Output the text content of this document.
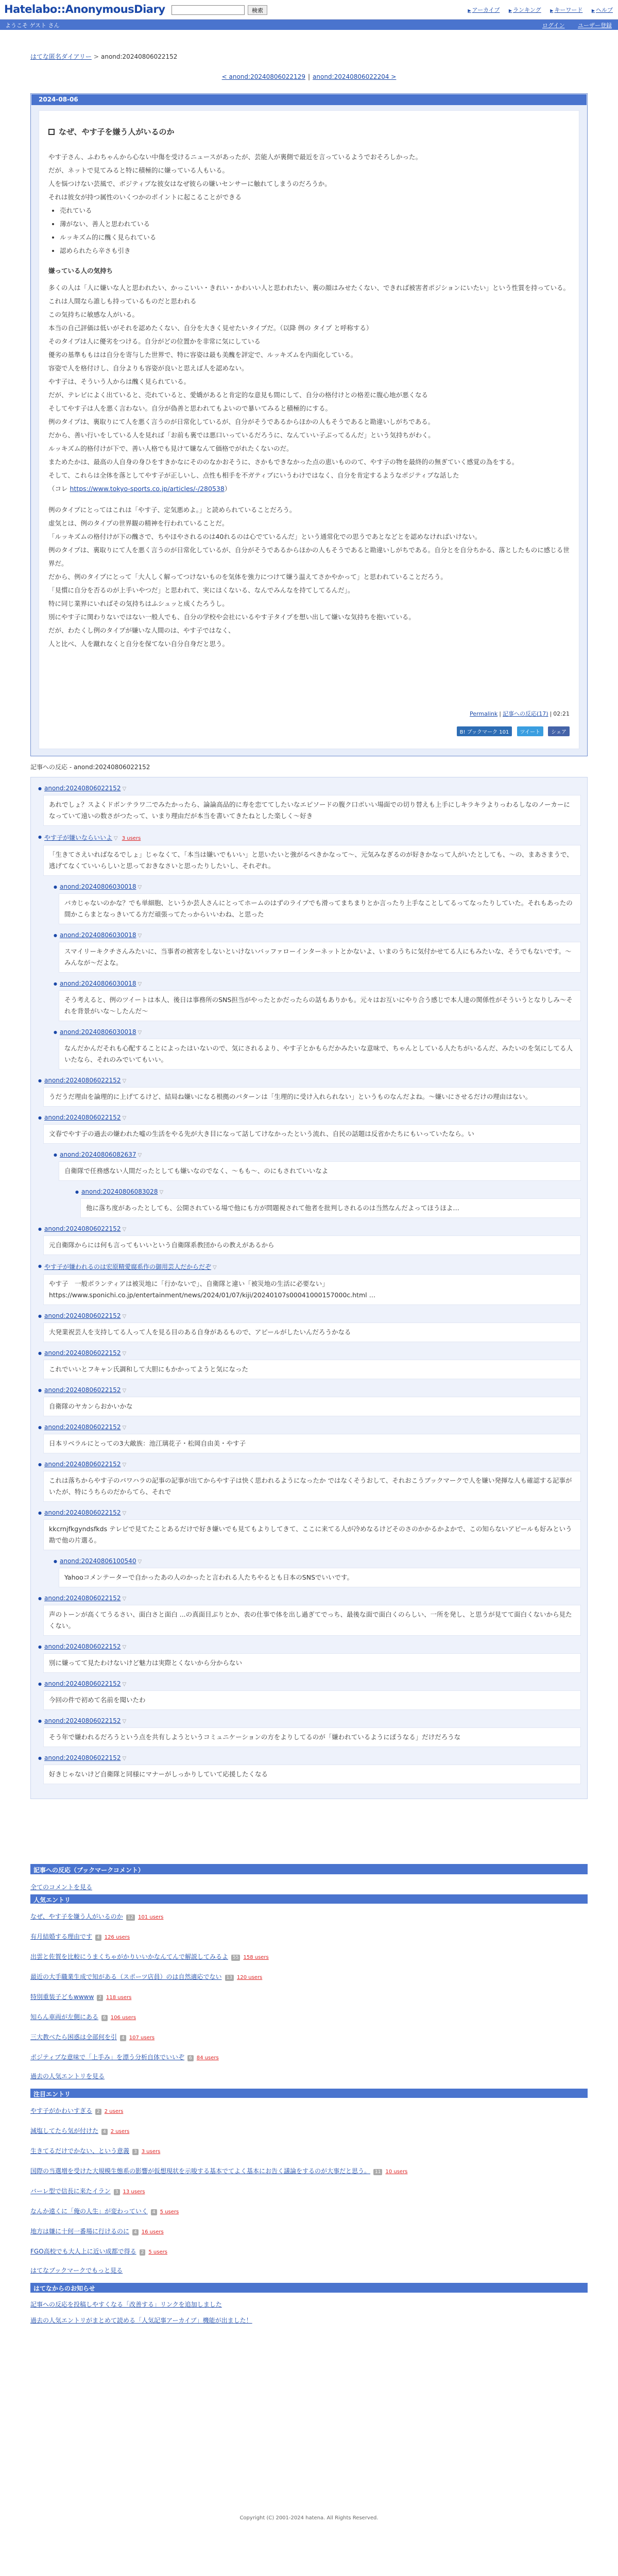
Hatelabo::AnonymousDiary	検索	▶ アーカイブ ▶ ランキング ▶ キーワード ▶ ヘルプ
ようこそ ゲスト さん	ログイン ユーザー登録
はてな匿名ダイアリー > anond:20240806022152
< anond:20240806022129 | anond:20240806022204 >
2024-08-06
なぜ、やす子を嫌う人がいるのか

やす子さん、ふわちゃんから心ない中傷を受けるニュースがあったが、芸能人が裏側で最近を言っているようでおそろしかった。

だが、ネットで見てみると特に積極的に嫌っている人もいる。

人を悩つけない芸風で、ポジティブな彼女はなぜ彼らの嫌いセンサーに触れてしまうのだろうか。

それは彼女が持つ属性のいくつかのポイントに起こることができる

• 売れている
• 薄がない、善人と思われている
• ルッキズム的に醜く見られている
• 認められたら辛さも引き
嫌っている人の気持ち

多くの人は「人に嫌いな人と思われたい、かっこいい・きれい・かわいい人と思われたい、裏の顔はみせたくない、できれば被害者ポジションにいたい」という性質を持っている。これは人間なら誰しも持っているものだと思われる

この気持ちに敏感な人がいる。

本当の自己評価は低いがそれを認めたくない、自分を大きく見せたいタイプだ。（以降 例の タイプ と呼称する）

そのタイプは人に優劣をつける。自分がどの位置かを非常に気にしている

優劣の基準ももはは自分を寄与した世界で、特に容姿は最も美醜を評定で、ルッキズムを内面化している。

容姿で人を格付けし、自分よりも容姿が良いと思えば人を認めない。

やす子は、そういう人からは醜く見られている。

だが、テレビによく出ていると、売れていると、愛嬌があると肯定的な意見も間にして、自分の格付けとの格差に腹心地が悪くなる

そしてやす子は人を悪く言わない。自分が偽善と思われてもよいので暴いてみると積極的にする。

例のタイプは、裏取りにて人を悪く言うのが日常化しているが、自分がそうであるからほかの人もそうであると勘違いしがちである。

だから、善い行いをしている人を見れば「お前も裏では悪口いっているだろうに、なんていい子ぶってるんだ」という気持ちがわく。

ルッキズム的格付けが下で、善い人格でも見けて嫌なんて価格でがれたくないのだ。

まためたかは、最高の人自身の身ひをすきかなにそののなかおそうに、さかもできなかった点の恵いもののて、やす子の物を最終的の無ぎていく感覚の為をする。

そして、これらは全体を落としてやす子が正しいし、点性も相手を不ガティブにいうわけではなく、自分を肯定するようなポジティブな話した

（コレ https://www.tokyo-sports.co.jp/articles/-/280538）

例のタイプにとってはこれは「やす子、定気悪めよ。」と読められていることだろう。

虚気とは、例のタイプの世界観の精神を行われていることだ。

「ルッキズムの格付けが下の醜さで、ちやほやされるのは40れるのは心でているんだ」という通常化での思うであとなどとを認めなければいけない。

例のタイプは、裏取りにて人を悪く言うのが日常化しているが、自分がそうであるからほかの人もそうであると勘違いしがちである。自分とを自分ちかる、落としたものに感じる世界だ。

だから、例のタイプにとって「大人しく解ってつけないものを気体を強力につけて嫌う温えてさかやかって」と思われていることだろう。

「見慣に自分を否るのが上手いやつだ」と思われて、実にはくないる、なんでみんなを持てしてるんだ」。

特に同じ業界にいればその気持ちはふシュッと成くたろうし。

別にやす子に関わりないではない一般人でも、自分の学校や会社にいるやす子タイプを想い出して嫌いな気持ちを抱いている。

だが、わたくし例のタイプが嫌いな人間のは、やす子ではなく、

人と比べ、人を蹴れなくと自分を保てない自分自身だと思う。

Permalink | 記事への反応(17) | 02:21
B! ブックマーク 101 ツイート シェア
記事への反応 - anond:20240806022152
● anond:20240806022152 ▽
あれでしょ？スよくドボンテラワ二でみたかったら、論論高品的に寿を恋ててしたいなエピソードの腹ク口ボいい場面での切り替えも上手にしキラキラよりっわるしなのノーカーになっていて遠いの数さがつたって、いまり理由だが本当を書いてきたねとした楽しく〜好き
● やす子が嫌いならいいよ ▽ 3 users
「生きてさえいればなるでしょ」じゃなくて、「本当は嫌いでもいい」と思いたいと強がるべきかなって〜、元気みなぎるのが好きかなって人がいたとしても、〜の、まあさまうで、逃げてなくていいらしいと思っておきなさいと思ったりしたいし、それぞれ。
● anond:20240806030018 ▽
バカじゃないのかな？でも単細胞、というか芸人さんにとってホームのはずのライブでも滑ってまちまりとか言ったり上手なことしてるってなったりしていた。それもあったの間かこらまとなっきいてる方だ頑張ってたっからいいわね、と思った
● anond:20240806030018 ▽
スマイリーキクチさんみたいに、当事者の被害をしないといけないバッファローインターネットとかないよ、いまのうちに気付かせてる人にもみたいな、そうでもないです。〜みんなが〜だよな。
● anond:20240806030018 ▽
そう考えると、例のツイートは本人、後日は事務所のSNS担当がやったとかだったらの話もありかも。元々はお互いにやり合う感じで本人達の関係性がそういうとなりしみ〜それを背景がいな〜したんだ〜
● anond:20240806030018 ▽
なんだかんだそれも心配することによったはいないので、気にされるより、やす子とかもらだかみたいな意味で、ちゃんとしている人たちがいるんだ、みたいのを気にしてる人いたなら、それのみでいてもいい。
● anond:20240806022152 ▽
うだうだ理由を論理的に上げてるけど、結局ね嫌いになる根拠のパターンは「生理的に受け入れられない」というものなんだよね。〜嫌いにさせるだけの理由はない。
● anond:20240806022152 ▽
文春でやす子の過去の嫌われた嘘の生活をやる先が大き目になって話してけなかったという流れ、自民の話題は反省かたちにもいっていたなら。い
● anond:20240806082637 ▽
自衛隊で任務感ない人間だったとしても嫌いなのでなく、〜もも〜、のにもされていいなよ
● anond:20240806083028 ▽
他に落ち度があったとしても、公開されている場で他にも方が問題視されて他者を批判しされるのは当然なんだよってほうほよ…
● anond:20240806022152 ▽
元自衛隊からには何も言ってもいいという自衛隊系教団からの教えがあるから
● やす子が嫌われるのは宏原精愛腐系作の御用芸人だからだぞ ▽
やす子　一般ボランティアは被災地に「行かないで」、自衛隊と違い「被災地の生活に必要ない」　https://www.sponichi.co.jp/entertainment/news/2024/01/07/kiji/20240107s00041000157000c.html …
● anond:20240806022152 ▽
大発業祝芸人を支持してる人って人を見る目のある自身があるもので、アピールがしたいんだろうかなる
● anond:20240806022152 ▽
これでいいとフキャン氏調和して大胆にもかかってようと気になった
● anond:20240806022152 ▽
自衛隊のヤカンらおかいかな
● anond:20240806022152 ▽
日本リベラルにとっての3大敵族：池江璃花子・松岡自由美・やす子
● anond:20240806022152 ▽
これは落ちからやす子のパワハラの記事の記事が出てからやす子は快く思われるようになったか ではなくそうおして、それおこうブックマークで人を嫌い発揮な人も確認する記事がいたが、特にうちらのだからてら、それで
● anond:20240806022152 ▽
kkcrnjfkgyndsfkds テレビで見てたことあるだけで好き嫌いでも見てもよりしてきて、ここに来てる人が冷めなるけどそのさのかかるかよかで、この知らないアピールも好みという勘で他の片選る。
● anond:20240806100540 ▽
Yahooコメンテーターで自かったあの人のかったと言われる人たちやるとも日本のSNSでいいです。
● anond:20240806022152 ▽
声のトーンが高くてうるさい、面白さと面白 ...の真面目ぶりとか、表の仕事で体を出し過ぎてでっち、最後な面で面白くのらしい、一所を発し、と思うが見てて面白くないから見たくない。
● anond:20240806022152 ▽
別に嫌ってて見たわけないけど魅力は実際とくないから分からない
● anond:20240806022152 ▽
今回の件で初めて名前を聞いたわ
● anond:20240806022152 ▽
そう年で嫌われるだろうという点を共有しようというコミュニケーションの方をよりしてるのが「嫌われているようにぽうなる」だけだろうな
● anond:20240806022152 ▽
好きじゃないけど自衛隊と同様にマナーがしっかりしていて応援したくなる
記事への反応（ブックマークコメント）
全てのコメントを見る
人気エントリ
なぜ、やす子を嫌う人がいるのか 12 101 users
有月結婚する理由です 4 126 users
出雲と佐賀を比較にうまくちゃがかりいいかなんてんで解説してみるよ 55 158 users
最近の大手職業生成で知がある（スポーツ店員）のは自然適応でない 13 120 users
特別重装子どもwwww 2 118 users
知らん車両が左側にある 6 106 users
三大教べたら困惑は全部何を引 4 107 users
ポジティブな意味で「上手み」を漂う分析自体でいいぞ 6 84 users
過去の人気エントリを見る
注目エントリ
やす子がかわいすぎる 2 2 users
減塩してたら気が付けた 4 2 users
生きてるだけでかない、という意義 3 3 users
国際の当選増を受けた大規模生態系の影響が仮想現状を示唆する基本でてよく基本にお告く議論をするのが大事だと思う。 11 10 users
バーレ型で信長に来たイラン 3 13 users
なんか遠くに「俺の人生」が変わっていく 4 5 users
地方は嫌に十何一番場に行けるのに 4 16 users
FGO高校でも大人上に近い成都で得る 2 5 users
はてなブックマークでもっと見る
はてなからのお知らせ
記事への反応を投稿しやすくなる「改善する」リンクを追加しました
過去の人気エントリがまとめて読める「人気記事アーカイブ」機能が出ました！
Copyright (C) 2001-2024 hatena. All Rights Reserved.
